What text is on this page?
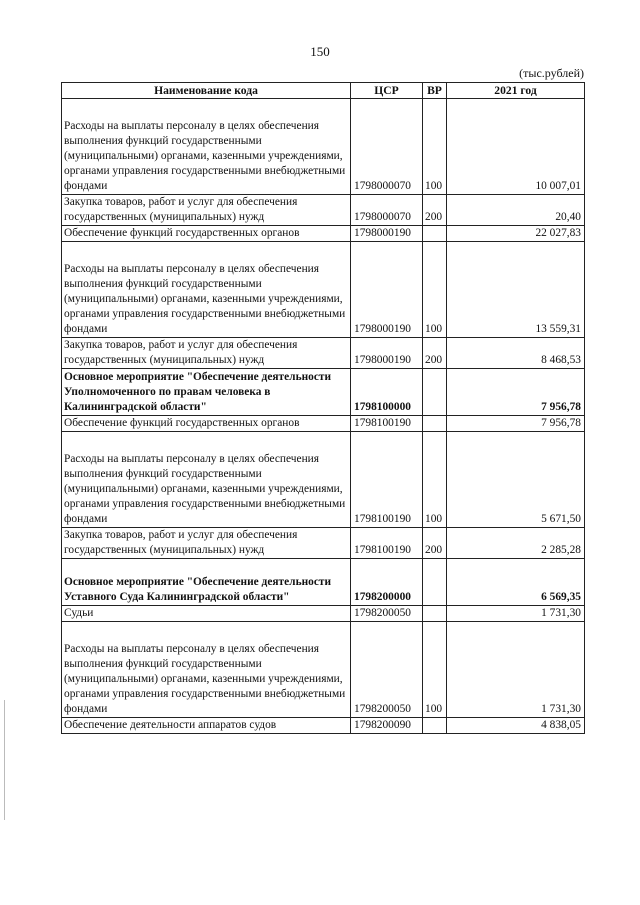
150
(тыс.рублей)
Наименование кода	ЦСР	ВР	2021 год
Расходы на выплаты персоналу в целях обеспечения выполнения функций государственными (муниципальными) органами, казенными учреждениями, органами управления государственными внебюджетными фондами	1798000070	100	10 007,01
Закупка товаров, работ и услуг для обеспечения государственных (муниципальных) нужд	1798000070	200	20,40
Обеспечение функций государственных органов	1798000190		22 027,83
Расходы на выплаты персоналу в целях обеспечения выполнения функций государственными (муниципальными) органами, казенными учреждениями, органами управления государственными внебюджетными фондами	1798000190	100	13 559,31
Закупка товаров, работ и услуг для обеспечения государственных (муниципальных) нужд	1798000190	200	8 468,53
Основное мероприятие "Обеспечение деятельности Уполномоченного по правам человека в Калининградской области"	1798100000		7 956,78
Обеспечение функций государственных органов	1798100190		7 956,78
Расходы на выплаты персоналу в целях обеспечения выполнения функций государственными (муниципальными) органами, казенными учреждениями, органами управления государственными внебюджетными фондами	1798100190	100	5 671,50
Закупка товаров, работ и услуг для обеспечения государственных (муниципальных) нужд	1798100190	200	2 285,28
Основное мероприятие "Обеспечение деятельности Уставного Суда Калининградской области"	1798200000		6 569,35
Судьи	1798200050		1 731,30
Расходы на выплаты персоналу в целях обеспечения выполнения функций государственными (муниципальными) органами, казенными учреждениями, органами управления государственными внебюджетными фондами	1798200050	100	1 731,30
Обеспечение деятельности аппаратов судов	1798200090		4 838,05
